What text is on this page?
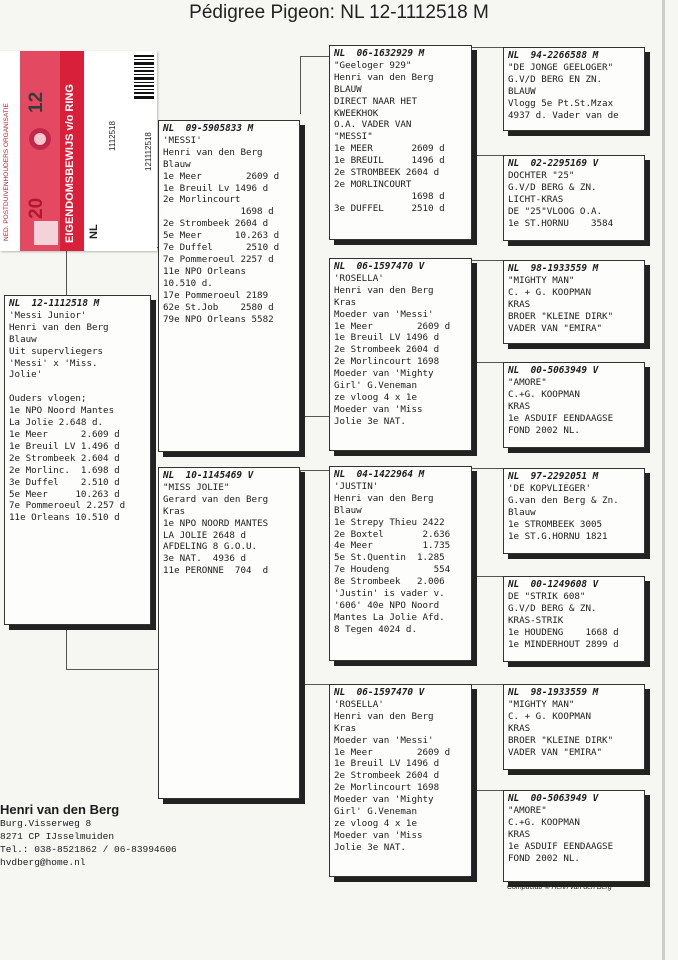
Pédigree Pigeon: NL 12-1112518 M
NL  94-2266588 M
"DE JONGE GEELOGER"
G.V/D BERG EN ZN.
BLAUW
Vlogg 5e Pt.St.Mzax
4937 d. Vader van de
NL  02-2295169 V
DOCHTER "25"
G.V/D BERG & ZN.
LICHT-KRAS
DE "25"VLOOG O.A.
1e ST.HORNU    3584
NL  98-1933559 M
"MIGHTY MAN"
C. + G. KOOPMAN
KRAS
BROER "KLEINE DIRK"
VADER VAN "EMIRA"
NL  00-5063949 V
"AMORE"
C.+G. KOOPMAN
KRAS
1e ASDUIF EENDAAGSE
FOND 2002 NL.
NL  97-2292051 M
'DE KOPVLIEGER'
G.van den Berg & Zn.
Blauw
1e STROMBEEK 3005
1e ST.G.HORNU 1821
NL  00-1249608 V
DE "STRIK 608"
G.V/D BERG & ZN.
KRAS-STRIK
1e HOUDENG    1668 d
1e MINDERHOUT 2899 d
NL  98-1933559 M
"MIGHTY MAN"
C. + G. KOOPMAN
KRAS
BROER "KLEINE DIRK"
VADER VAN "EMIRA"
NL  00-5063949 V
"AMORE"
C.+G. KOOPMAN
KRAS
1e ASDUIF EENDAAGSE
FOND 2002 NL.
NL  06-1632929 M
"Geeloger 929"
Henri van den Berg
BLAUW
DIRECT NAAR HET
KWEEKHOK
O.A. VADER VAN
"MESSI"
1e MEER       2609 d
1e BREUIL     1496 d
2e STROMBEEK 2604 d
2e MORLINCOURT
1698 d
3e DUFFEL     2510 d
NL  06-1597470 V
'ROSELLA'
Henri van den Berg
Kras
Moeder van 'Messi'
1e Meer        2609 d
1e Breuil LV 1496 d
2e Strombeek 2604 d
2e Morlincourt 1698
Moeder van 'Mighty
Girl' G.Veneman
ze vloog 4 x 1e
Moeder van 'Miss
Jolie 3e NAT.
NL  04-1422964 M
'JUSTIN'
Henri van den Berg
Blauw
1e Strepy Thieu 2422
2e Boxtel       2.636
4e Meer         1.735
5e St.Quentin  1.285
7e Houdeng        554
8e Strombeek   2.006
'Justin' is vader v.
'606' 40e NPO Noord
Mantes La Jolie Afd.
8 Tegen 4024 d.
NL  06-1597470 V
'ROSELLA'
Henri van den Berg
Kras
Moeder van 'Messi'
1e Meer        2609 d
1e Breuil LV 1496 d
2e Strombeek 2604 d
2e Morlincourt 1698
Moeder van 'Mighty
Girl' G.Veneman
ze vloog 4 x 1e
Moeder van 'Miss
Jolie 3e NAT.
NL  09-5905833 M
'MESSI'
Henri van den Berg
Blauw
1e Meer        2609 d
1e Breuil Lv 1496 d
2e Morlincourt
1698 d
2e Strombeek 2604 d
5e Meer      10.263 d
7e Duffel      2510 d
7e Pommeroeul 2257 d
11e NPO Orleans
10.510 d.
17e Pommeroeul 2189
62e St.Job    2580 d
79e NPO Orleans 5582
NL  10-1145469 V
"MISS JOLIE"
Gerard van den Berg
Kras
1e NPO NOORD MANTES
LA JOLIE 2648 d
AFDELING 8 G.O.U.
3e NAT.  4936 d
11e PERONNE  704  d
NL  12-1112518 M
'Messi Junior'
Henri van den Berg
Blauw
Uit supervliegers
'Messi' x 'Miss.
Jolie'

Ouders vlogen;
1e NPO Noord Mantes
La Jolie 2.648 d.
1e Meer      2.609 d
1e Breuil LV 1.496 d
2e Strombeek 2.604 d
2e Morlinc.  1.698 d
3e Duffel    2.510 d
5e Meer     10.263 d
7e Pommeroeul 2.257 d
11e Orleans 10.510 d
NED. POSTDUIVENHOUDERS ORGANISATIE 20
12 EIGENDOMSBEWIJS v/o RING NL
1112518	121112518
Henri van den Berg
Burg.Visserweg 8
8271 CP IJsselmuiden
Tel.: 038-8521862 / 06-83994606
hvdberg@home.nl
Compuclub © Henri van den Berg
